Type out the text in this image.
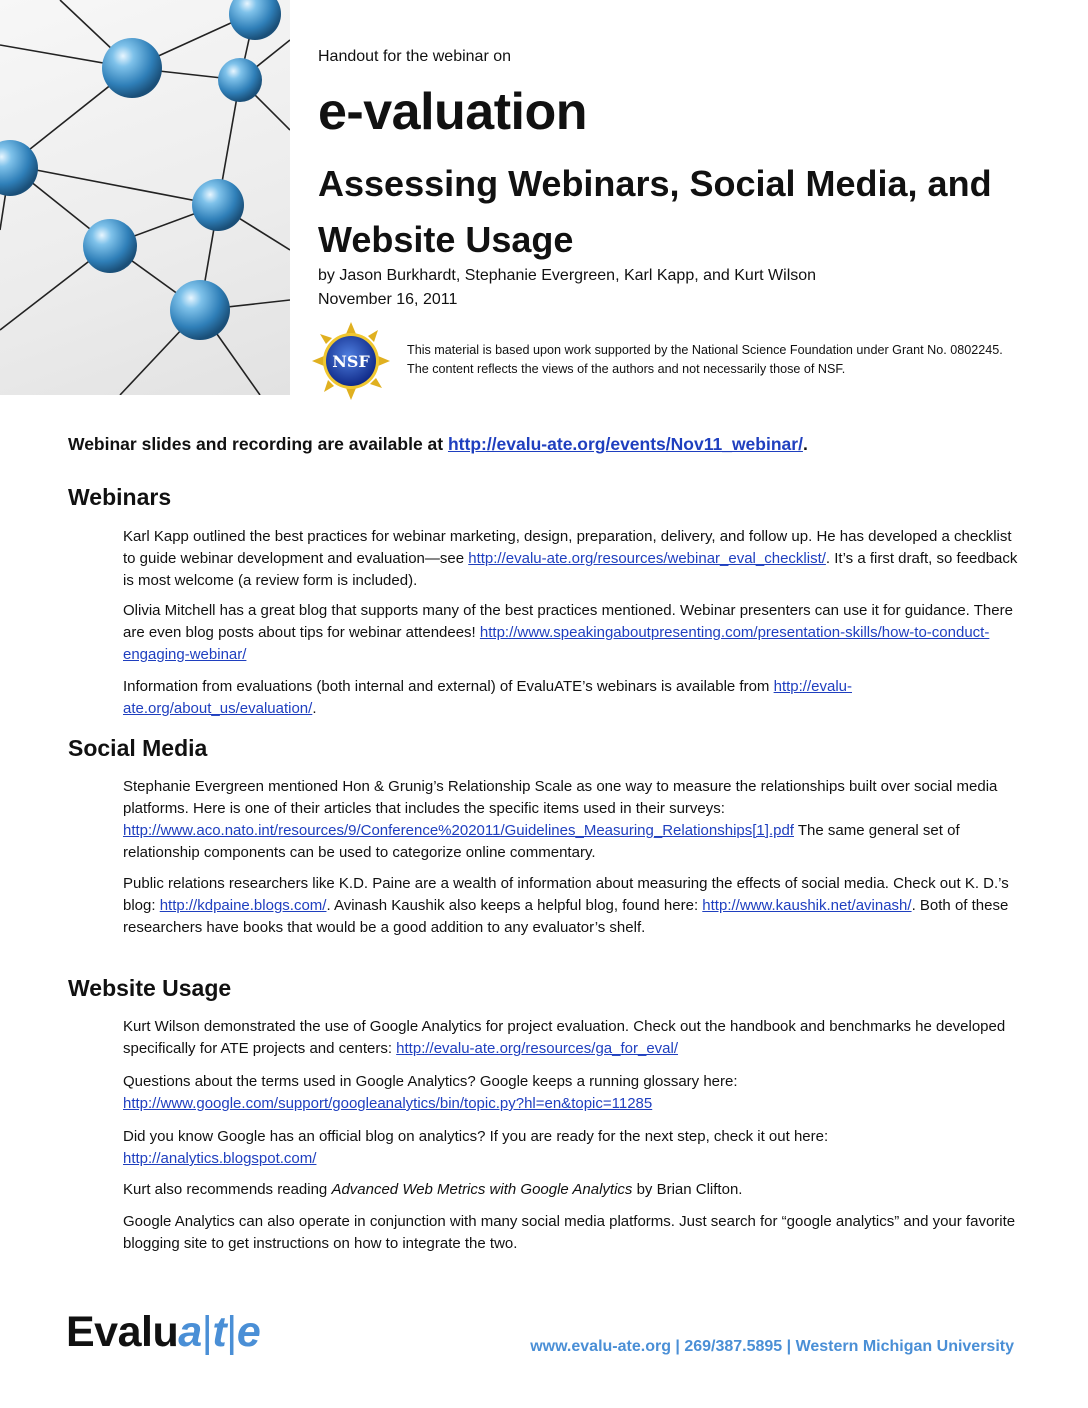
Handout for the webinar on
e-valuation
Assessing Webinars, Social Media, and Website Usage
by Jason Burkhardt, Stephanie Evergreen, Karl Kapp, and Kurt Wilson
November 16, 2011
NSF
This material is based upon work supported by the National Science Foundation under Grant No. 0802245. The content reflects the views of the authors and not necessarily those of NSF.
Webinar slides and recording are available at http://evalu-ate.org/events/Nov11_webinar/.
Webinars

Karl Kapp outlined the best practices for webinar marketing, design, preparation, delivery, and follow up. He has developed a checklist to guide webinar development and evaluation—see http://evalu-ate.org/resources/webinar_eval_checklist/. It’s a first draft, so feedback is most welcome (a review form is included).

Olivia Mitchell has a great blog that supports many of the best practices mentioned. Webinar presenters can use it for guidance. There are even blog posts about tips for webinar attendees! http://www.speakingaboutpresenting.com/presentation-skills/how-to-conduct-engaging-webinar/

Information from evaluations (both internal and external) of EvaluATE’s webinars is available from http://evalu-ate.org/about_us/evaluation/.

Social Media

Stephanie Evergreen mentioned Hon & Grunig’s Relationship Scale as one way to measure the relationships built over social media platforms. Here is one of their articles that includes the specific items used in their surveys: http://www.aco.nato.int/resources/9/Conference%202011/Guidelines_Measuring_Relationships[1].pdf The same general set of relationship components can be used to categorize online commentary.

Public relations researchers like K.D. Paine are a wealth of information about measuring the effects of social media. Check out K. D.’s blog: http://kdpaine.blogs.com/. Avinash Kaushik also keeps a helpful blog, found here: http://www.kaushik.net/avinash/. Both of these researchers have books that would be a good addition to any evaluator’s shelf.

Website Usage

Kurt Wilson demonstrated the use of Google Analytics for project evaluation. Check out the handbook and benchmarks he developed specifically for ATE projects and centers: http://evalu-ate.org/resources/ga_for_eval/

Questions about the terms used in Google Analytics? Google keeps a running glossary here: http://www.google.com/support/googleanalytics/bin/topic.py?hl=en&topic=11285

Did you know Google has an official blog on analytics? If you are ready for the next step, check it out here: http://analytics.blogspot.com/

Kurt also recommends reading Advanced Web Metrics with Google Analytics by Brian Clifton.

Google Analytics can also operate in conjunction with many social media platforms. Just search for “google analytics” and your favorite blogging site to get instructions on how to integrate the two.

Evalua|t|e	www.evalu-ate.org | 269/387.5895 | Western Michigan University
